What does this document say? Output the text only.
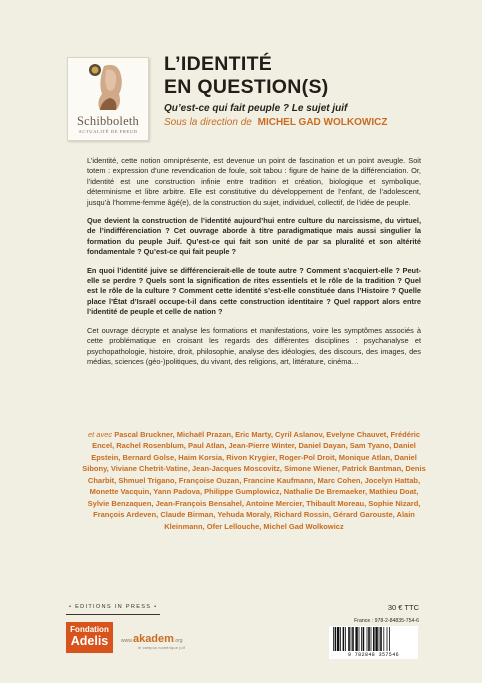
Schibboleth
ACTUALITÉ DE FREUD
L’IDENTITÉ
EN QUESTION(S)
Qu’est-ce qui fait peuple ? Le sujet juif
Sous la direction de MICHEL GAD WOLKOWICZ

L’identité, cette notion omniprésente, est devenue un point de fascination et un point aveugle. Soit totem : expression d’une revendication de foule, soit tabou : figure de haine de la différenciation. Or, l’identité est une construction infinie entre tradition et création, biologique et symbolique, déterminisme et libre arbitre. Elle est constitutive du développement de l’enfant, de l’adolescent, jusqu’à l’homme-femme âgé(e), de la construction du sujet, individuel, collectif, de l’idée de peuple.

Que devient la construction de l’identité aujourd’hui entre culture du narcissisme, du virtuel, de l’indifférenciation ? Cet ouvrage aborde à titre paradigmatique mais aussi singulier la formation du peuple Juif. Qu’est-ce qui fait son unité de par sa pluralité et son altérité fondamentale ? Qu’est-ce qui fait peuple ?

En quoi l’identité juive se différencierait-elle de toute autre ? Comment s’acquiert-elle ? Peut-elle se perdre ? Quels sont la signification de rites essentiels et le rôle de la tradition ? Quel est le rôle de la culture ? Comment cette identité s’est-elle constituée dans l’Histoire ? Quelle place l’État d’Israël occupe-t-il dans cette construction identitaire ? Quel rapport alors entre l’identité de peuple et celle de nation ?

Cet ouvrage décrypte et analyse les formations et manifestations, voire les symptômes associés à cette problématique en croisant les regards des différentes disciplines : psychanalyse et psychopathologie, histoire, droit, philosophie, analyse des idéologies, des discours, des images, des médias, sciences (géo-)politiques, du vivant, des religions, art, littérature, cinéma…

et avec Pascal Bruckner, Michaël Prazan, Eric Marty, Cyril Aslanov, Evelyne Chauvet, Frédéric Encel, Rachel Rosenblum, Paul Atlan, Jean-Pierre Winter, Daniel Dayan, Sam Tyano, Daniel Epstein, Bernard Golse, Haim Korsia, Rivon Krygier, Roger-Pol Droit, Monique Atlan, Daniel Sibony, Viviane Chetrit-Vatine, Jean-Jacques Moscovitz, Simone Wiener, Patrick Bantman, Denis Charbit, Shmuel Trigano, Françoise Ouzan, Francine Kaufmann, Marc Cohen, Jocelyn Hattab, Monette Vacquin, Yann Padova, Philippe Gumplowicz, Nathalie De Bremaeker, Mathieu Doat, Sylvie Benzaquen, Jean-François Bensahel, Antoine Mercier, Thibault Moreau, Sophie Nizard, François Ardeven, Claude Birman, Yehuda Moraly, Richard Rossin, Gérard Garouste, Alain Kleinmann, Ofer Lellouche, Michel Gad Wolkowicz
• EDITIONS IN PRESS •
Fondation
Adelis	www.akadem.org
le campus numérique juif
30 € TTC
France : 978-2-84835-754-6
9 782848 357546
